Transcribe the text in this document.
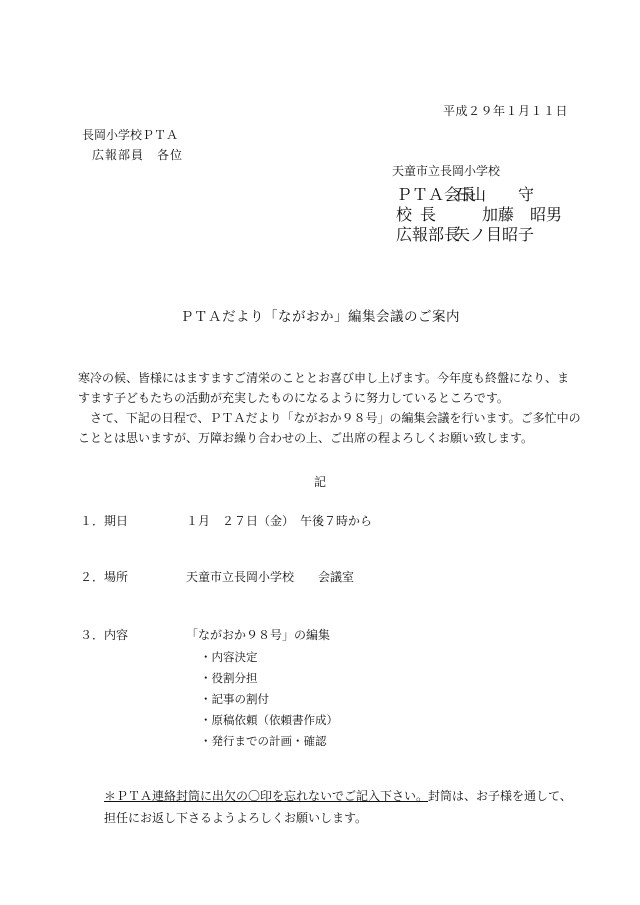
平成２９年１月１１日
長岡小学校ＰＴＡ
広報部員　各位
天童市立長岡小学校
ＰＴＡ会長
石山　　守
校長	加藤　昭男
広報部長
矢ノ目昭子
ＰＴＡだより「ながおか」編集会議のご案内

寒冷の候、皆様にはますますご清栄のこととお喜び申し上げます。今年度も終盤になり、ま

すます子どもたちの活動が充実したものになるように努力しているところです。

　さて、下記の日程で、ＰＴＡだより「ながおか９８号」の編集会議を行います。ご多忙中の

こととは思いますが、万障お繰り合わせの上、ご出席の程よろしくお願い致します。

記
１．期日	１月　２７日（金）　午後７時から
２．場所	天童市立長岡小学校　　会議室
３．内容	「ながおか９８号」の編集
・内容決定
・役割分担
・記事の割付
・原稿依頼（依頼書作成）
・発行までの計画・確認
＊ＰＴＡ連絡封筒に出欠の〇印を忘れないでご記入下さい。封筒は、お子様を通して、
担任にお返し下さるようよろしくお願いします。
